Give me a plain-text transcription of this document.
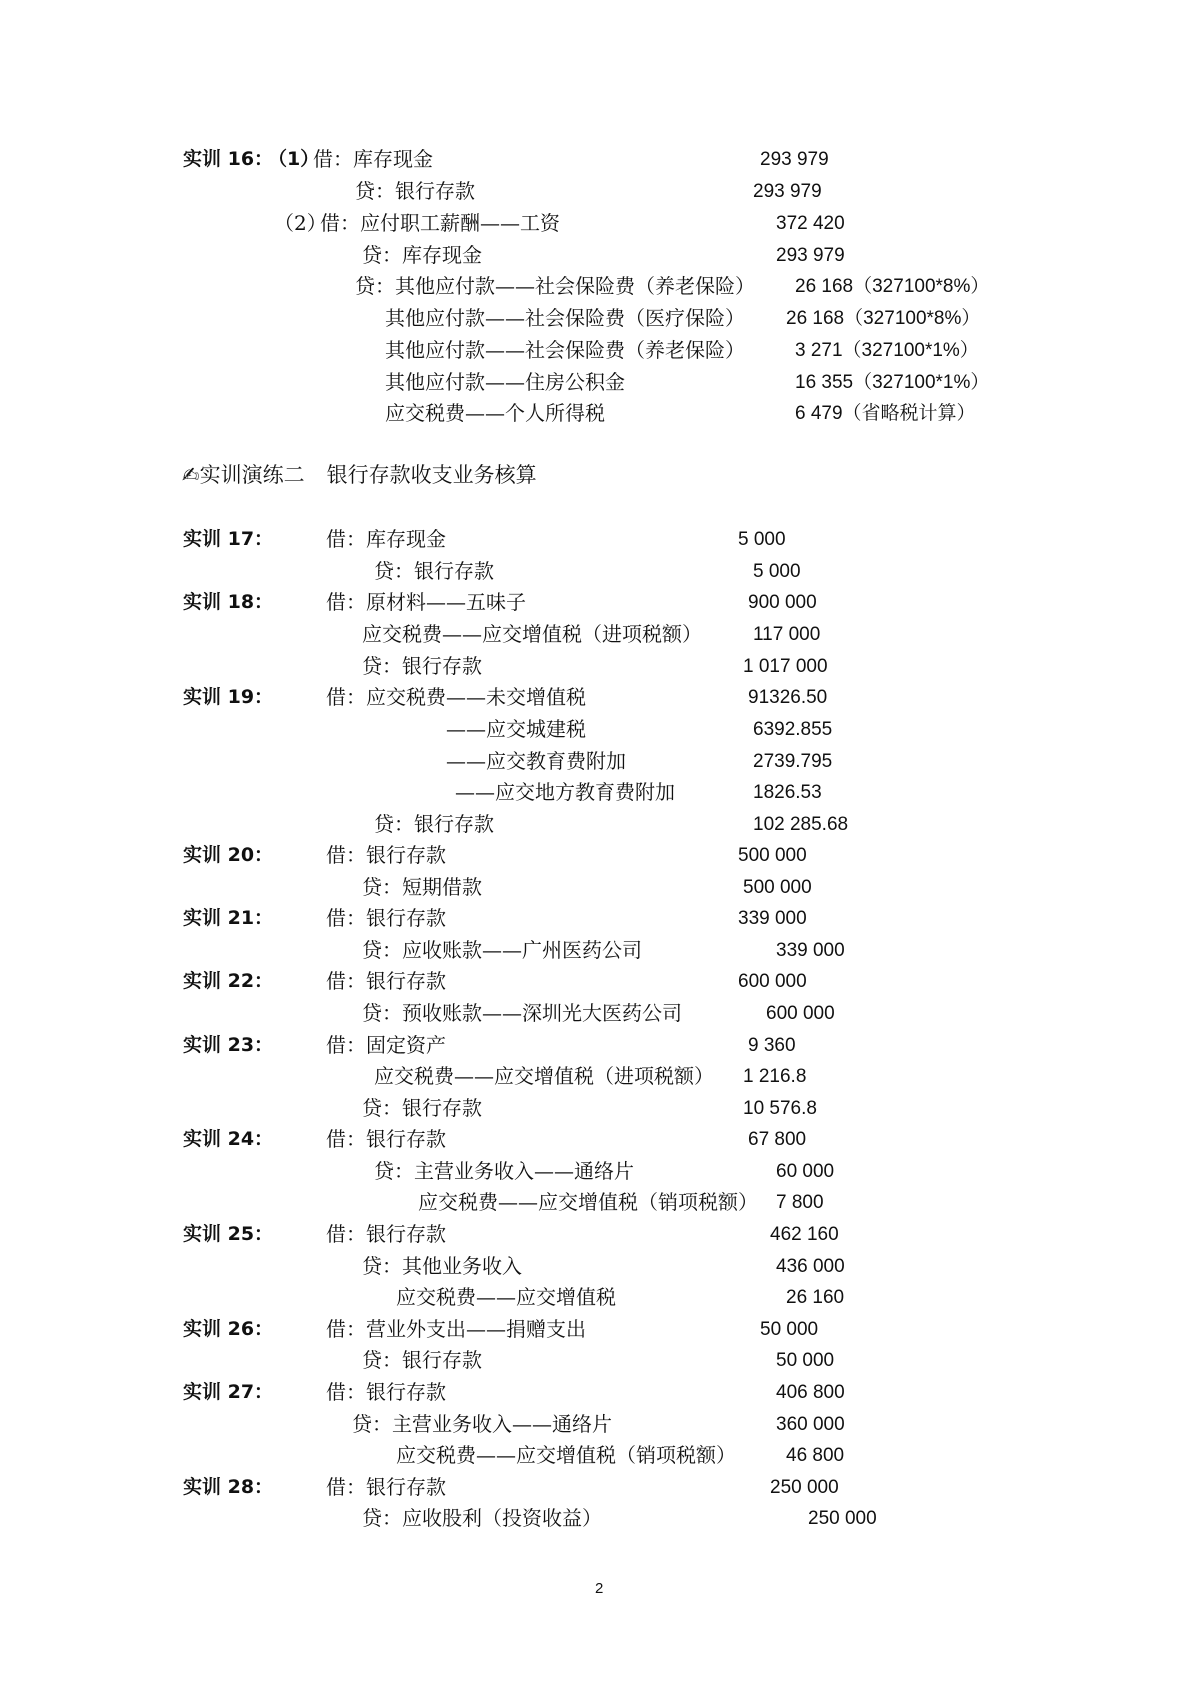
实训 16：
（1）
借：库存现金	293 979
贷：银行存款	293 979
（2）
借：应付职工薪酬——工资	372 420
贷：库存现金	293 979
贷：其他应付款——社会保险费（养老保险） 26 168（327100*8%）
其他应付款——社会保险费（医疗保险） 26 168（327100*8%）
其他应付款——社会保险费（养老保险）	3 271（327100*1%）
其他应付款——住房公积金	16 355（327100*1%）
应交税费——个人所得税	6 479（省略税计算）
✍实训演练二 银行存款收支业务核算
实训 17：	借：库存现金	5 000
贷：银行存款	5 000
实训 18：	借：原材料——五味子	900 000
应交税费——应交增值税（进项税额）	117 000
贷：银行存款	1 017 000
实训 19：	借：应交税费——未交增值税	91326.50
——应交城建税	6392.855
——应交教育费附加	2739.795
——应交地方教育费附加	1826.53
贷：银行存款	102 285.68
实训 20：	借：银行存款	500 000
贷：短期借款	500 000
实训 21：	借：银行存款	339 000
贷：应收账款——广州医药公司	339 000
实训 22：	借：银行存款	600 000
贷：预收账款——深圳光大医药公司	600 000
实训 23：	借：固定资产	9 360
应交税费——应交增值税（进项税额） 1 216.8
贷：银行存款	10 576.8
实训 24：	借：银行存款	67 800
贷：主营业务收入——通络片	60 000
应交税费——应交增值税（销项税额） 7 800
实训 25：	借：银行存款	462 160
贷：其他业务收入	436 000
应交税费——应交增值税	26 160
实训 26：	借：营业外支出——捐赠支出	50 000
贷：银行存款	50 000
实训 27：	借：银行存款	406 800
贷：主营业务收入——通络片	360 000
应交税费——应交增值税（销项税额）	46 800
实训 28：	借：银行存款	250 000
贷：应收股利（投资收益）	250 000
2
